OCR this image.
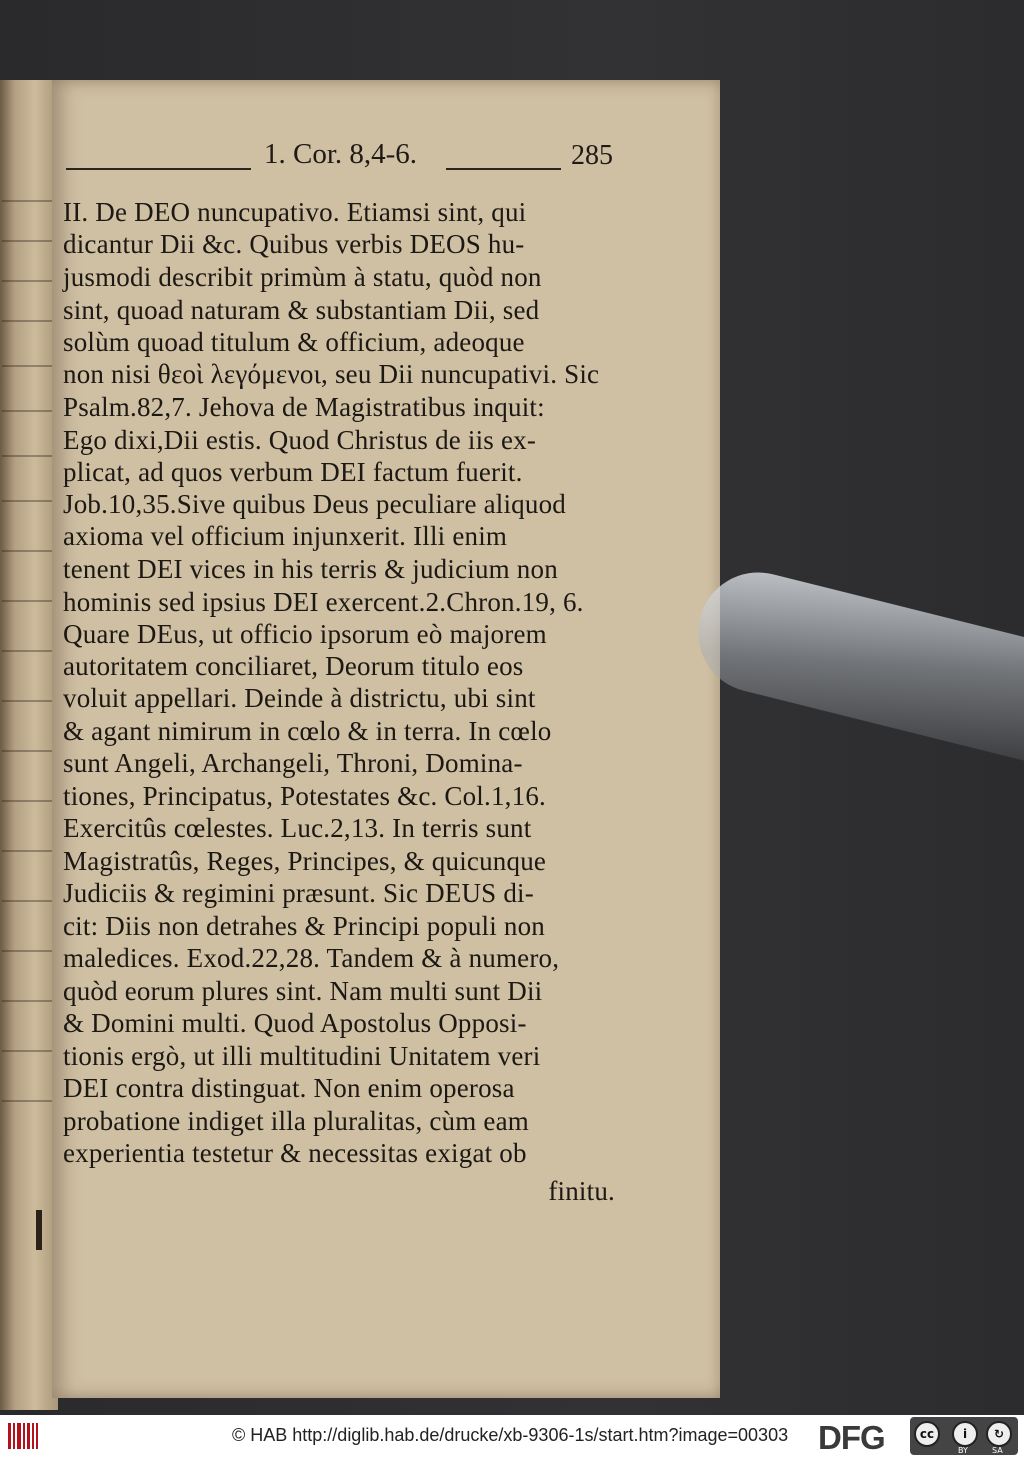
1. Cor. 8,4-6.	285
II. De DEO nuncupativo. Etiamsi sint, qui
dicantur Dii &c. Quibus verbis DEOS hu-
jusmodi describit primùm à statu, quòd non
sint, quoad naturam & substantiam Dii, sed
solùm quoad titulum & officium, adeoque
non nisi θεοὶ λεγόμενοι, seu Dii nuncupativi. Sic
Psalm.82,7. Jehova de Magistratibus inquit:
Ego dixi,Dii estis. Quod Christus de iis ex-
plicat, ad quos verbum DEI factum fuerit.
Job.10,35.Sive quibus Deus peculiare aliquod
axioma vel officium injunxerit. Illi enim
tenent DEI vices in his terris & judicium non
hominis sed ipsius DEI exercent.2.Chron.19, 6.
Quare DEus, ut officio ipsorum eò majorem
autoritatem conciliaret, Deorum titulo eos
voluit appellari. Deinde à districtu, ubi sint
& agant nimirum in cœlo & in terra. In cœlo
sunt Angeli, Archangeli, Throni, Domina-
tiones, Principatus, Potestates &c. Col.1,16.
Exercitûs cœlestes. Luc.2,13. In terris sunt
Magistratûs, Reges, Principes, & quicunque
Judiciis & regimini præsunt. Sic DEUS di-
cit: Diis non detrahes & Principi populi non
maledices. Exod.22,28. Tandem & à numero,
quòd eorum plures sint. Nam multi sunt Dii
& Domini multi. Quod Apostolus Opposi-
tionis ergò, ut illi multitudini Unitatem veri
DEI contra distinguat. Non enim operosa
probatione indiget illa pluralitas, cùm eam
experientia testetur & necessitas exigat ob
finitu.
© HAB http://diglib.hab.de/drucke/xb-9306-1s/start.htm?image=00303 DFG	cc	i	↻
BY	SA
